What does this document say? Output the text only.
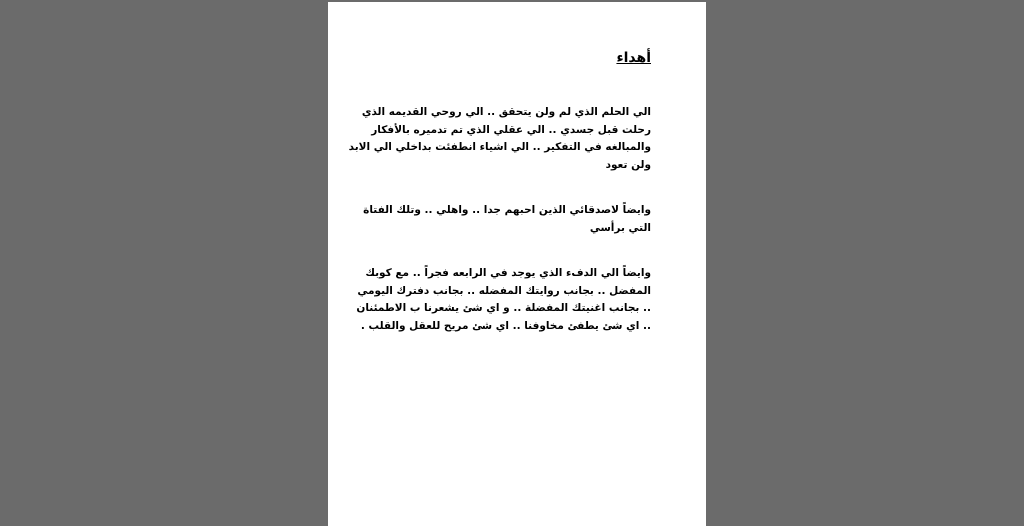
أهداء
الي الحلم الذي لم ولن يتحقق .. الي روحي القديمه الذي
رحلت قبل جسدي .. الي عقلي الذي تم تدميره بالأفكار
والمبالغه في التفكير .. الي اشياء انطفئت بداخلي الي الابد
ولن تعود
وايضاً لاصدقائي الذين احبهم جدا .. واهلي .. وتلك الفتاة
التي برأسي
وايضاً الي الدفء الذي يوجد في الرابعه فجراً .. مع كوبك
المفضل .. بجانب روايتك المفضله .. بجانب دفترك اليومي
.. بجانب اغنيتك المفضلة .. و اي شئ يشعرنا ب الاطمئنان
.. اي شئ يطفئ مخاوفنا .. اي شئ مريح للعقل والقلب .
